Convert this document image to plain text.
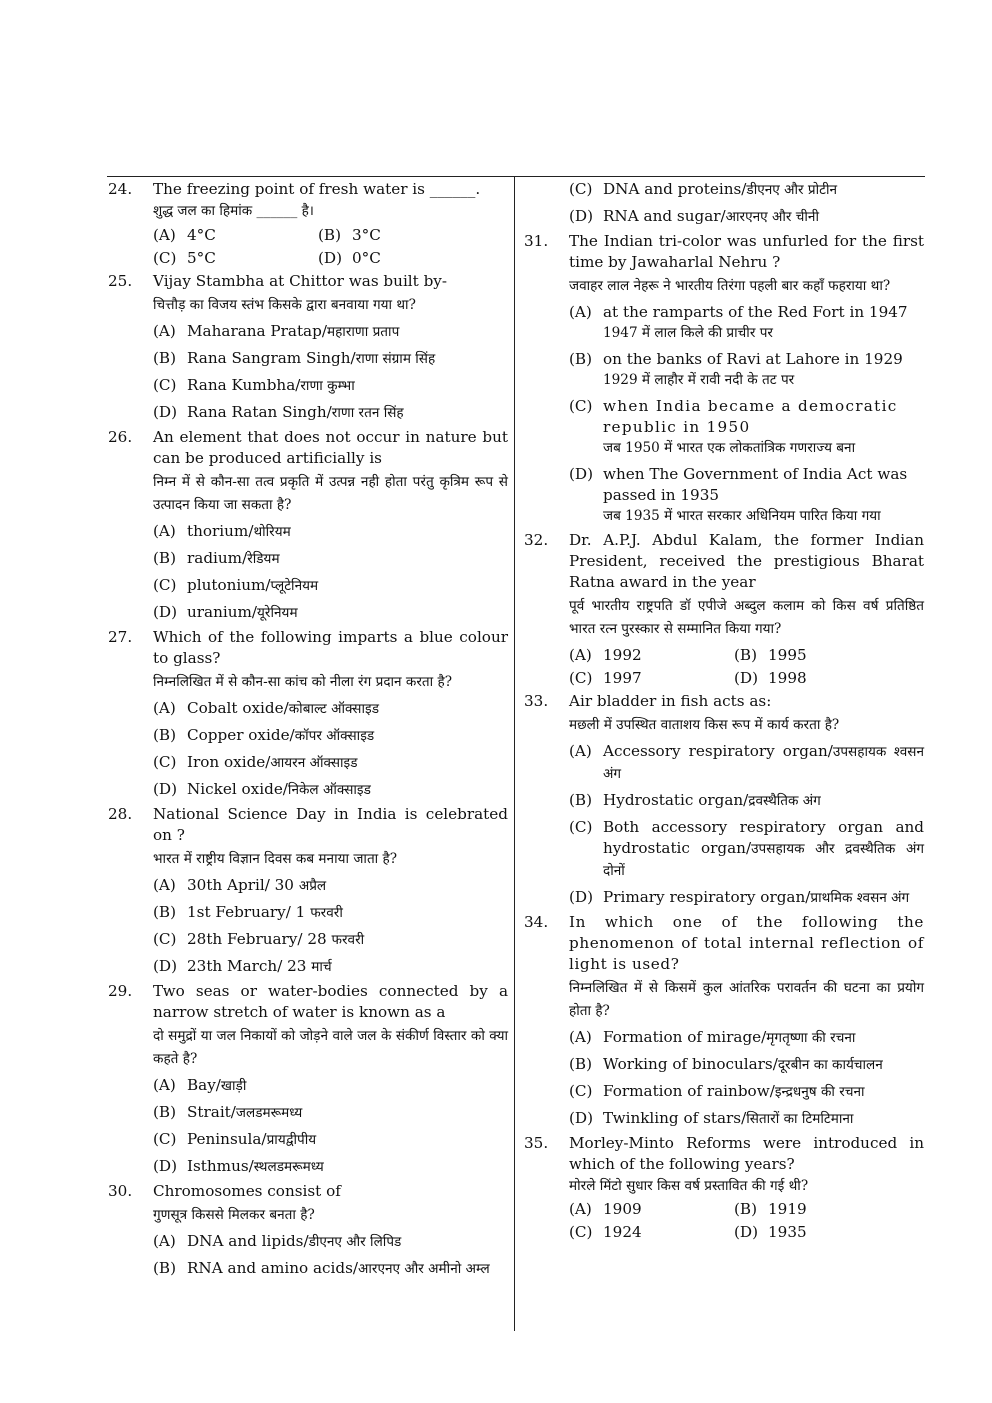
24. The freezing point of fresh water is ______.

शुद्ध जल का हिमांक ______ है।

(A) 4°C	(B) 3°C
(C) 5°C	(D) 0°C
25. Vijay Stambha at Chittor was built by-

चित्तौड़ का विजय स्तंभ किसके द्वारा बनवाया गया था?

(A) Maharana Pratap/महाराणा प्रताप
(B) Rana Sangram Singh/राणा संग्राम सिंह
(C) Rana Kumbha/राणा कुम्भा
(D) Rana Ratan Singh/राणा रतन सिंह
26. An element that does not occur in nature but can be produced artificially is

निम्न में से कौन-सा तत्व प्रकृति में उत्पन्न नही होता परंतु कृत्रिम रूप से उत्पादन किया जा सकता है?

(A) thorium/थोरियम
(B) radium/रेडियम
(C) plutonium/प्लूटेनियम
(D) uranium/यूरेनियम
27. Which of the following imparts a blue colour to glass?

निम्नलिखित में से कौन-सा कांच को नीला रंग प्रदान करता है?

(A) Cobalt oxide/कोबाल्ट ऑक्साइड
(B) Copper oxide/कॉपर ऑक्साइड
(C) Iron oxide/आयरन ऑक्साइड
(D) Nickel oxide/निकेल ऑक्साइड
28. National Science Day in India is celebrated on ?

भारत में राष्ट्रीय विज्ञान दिवस कब मनाया जाता है?

(A) 30th April/ 30 अप्रैल
(B) 1st February/ 1 फरवरी
(C) 28th February/ 28 फरवरी
(D) 23th March/ 23 मार्च
29. Two seas or water-bodies connected by a narrow stretch of water is known as a

दो समुद्रों या जल निकायों को जोड़ने वाले जल के संकीर्ण विस्तार को क्या कहते है?

(A) Bay/खाड़ी
(B) Strait/जलडमरूमध्य
(C) Peninsula/प्रायद्वीपीय
(D) Isthmus/स्थलडमरूमध्य
30. Chromosomes consist of

गुणसूत्र किससे मिलकर बनता है?

(A) DNA and lipids/डीएनए और लिपिड
(B) RNA and amino acids/आरएनए और अमीनो अम्ल
(C) DNA and proteins/डीएनए और प्रोटीन
(D) RNA and sugar/आरएनए और चीनी
31. The Indian tri-color was unfurled for the first time by Jawaharlal Nehru ?

जवाहर लाल नेहरू ने भारतीय तिरंगा पहली बार कहाँ फहराया था?

(A) at the ramparts of the Red Fort in 1947
1947 में लाल किले की प्राचीर पर
(B) on the banks of Ravi at Lahore in 1929
1929 में लाहौर में रावी नदी के तट पर
(C) when India became a democratic republic in 1950
जब 1950 में भारत एक लोकतांत्रिक गणराज्य बना
(D) when The Government of India Act was passed in 1935
जब 1935 में भारत सरकार अधिनियम पारित किया गया
32. Dr. A.P.J. Abdul Kalam, the former Indian President, received the prestigious Bharat Ratna award in the year

पूर्व भारतीय राष्ट्रपति डॉ एपीजे अब्दुल कलाम को किस वर्ष प्रतिष्ठित भारत रत्न पुरस्कार से सम्मानित किया गया?

(A) 1992	(B) 1995
(C) 1997	(D) 1998
33. Air bladder in fish acts as:

मछली में उपस्थित वाताशय किस रूप में कार्य करता है?

(A) Accessory respiratory organ/उपसहायक श्वसन अंग
(B) Hydrostatic organ/द्रवस्थैतिक अंग
(C) Both accessory respiratory organ and hydrostatic organ/उपसहायक और द्रवस्थैतिक अंग दोनों
(D) Primary respiratory organ/प्राथमिक श्वसन अंग
34. In which one of the following the phenomenon of total internal reflection of light is used?

निम्नलिखित में से किसमें कुल आंतरिक परावर्तन की घटना का प्रयोग होता है?

(A) Formation of mirage/मृगतृष्णा की रचना
(B) Working of binoculars/दूरबीन का कार्यचालन
(C) Formation of rainbow/इन्द्रधनुष की रचना
(D) Twinkling of stars/सितारों का टिमटिमाना
35. Morley-Minto Reforms were introduced in which of the following years?

मोरले मिंटो सुधार किस वर्ष प्रस्तावित की गई थी?

(A) 1909	(B) 1919
(C) 1924	(D) 1935
